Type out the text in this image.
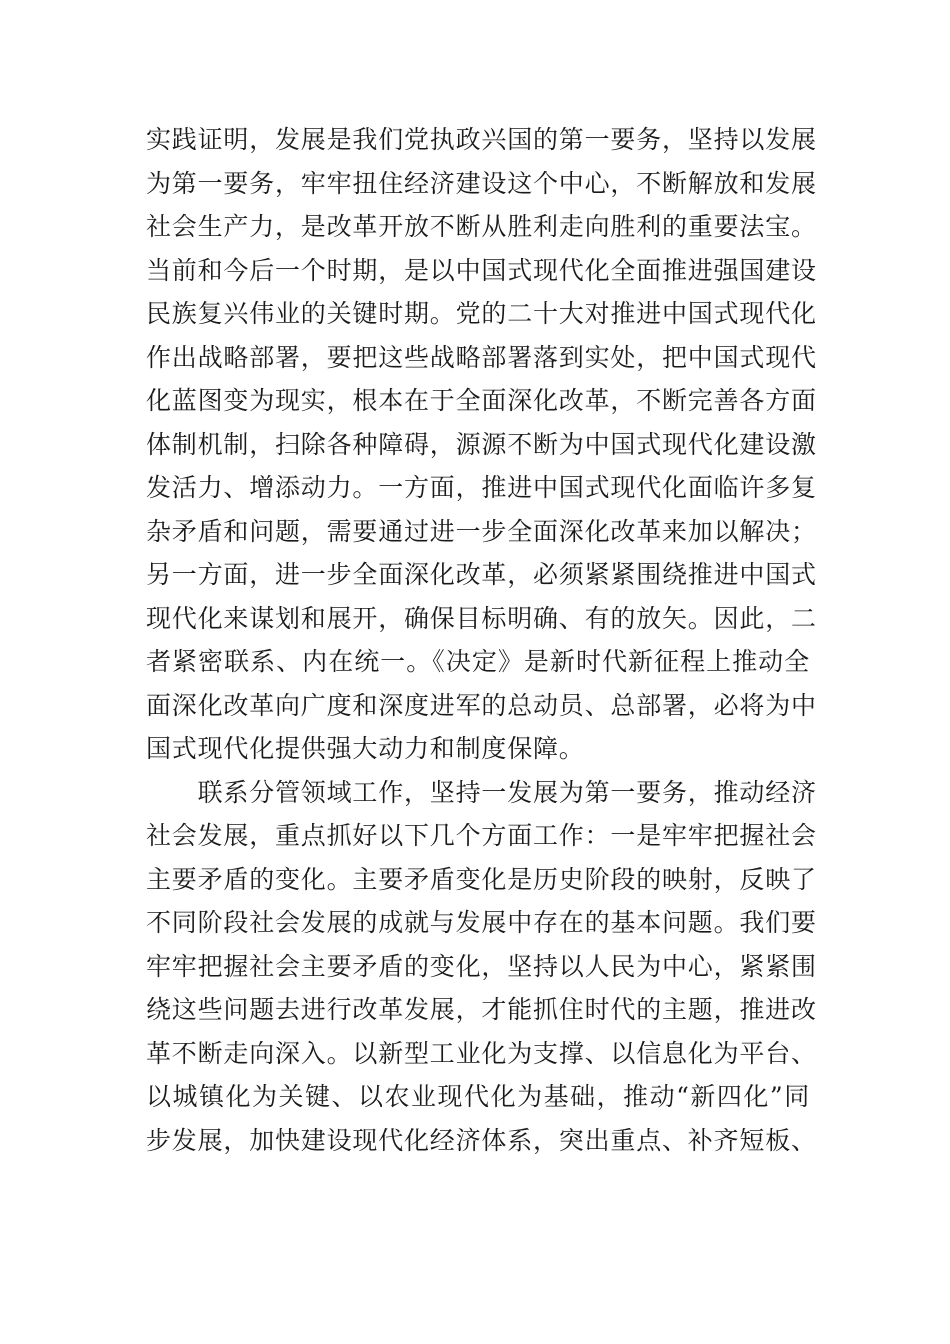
实践证明，发展是我们党执政兴国的第一要务，坚持以发展
为第一要务，牢牢扭住经济建设这个中心，不断解放和发展
社会生产力，是改革开放不断从胜利走向胜利的重要法宝。
当前和今后一个时期，是以中国式现代化全面推进强国建设
民族复兴伟业的关键时期。党的二十大对推进中国式现代化
作出战略部署，要把这些战略部署落到实处，把中国式现代
化蓝图变为现实，根本在于全面深化改革，不断完善各方面
体制机制，扫除各种障碍，源源不断为中国式现代化建设激
发活力、增添动力。一方面，推进中国式现代化面临许多复
杂矛盾和问题，需要通过进一步全面深化改革来加以解决；
另一方面，进一步全面深化改革，必须紧紧围绕推进中国式
现代化来谋划和展开，确保目标明确、有的放矢。因此，二
者紧密联系、内在统一。《决定》是新时代新征程上推动全
面深化改革向广度和深度进军的总动员、总部署，必将为中
国式现代化提供强大动力和制度保障。
　　联系分管领域工作，坚持一发展为第一要务，推动经济
社会发展，重点抓好以下几个方面工作：一是牢牢把握社会
主要矛盾的变化。主要矛盾变化是历史阶段的映射，反映了
不同阶段社会发展的成就与发展中存在的基本问题。我们要
牢牢把握社会主要矛盾的变化，坚持以人民为中心，紧紧围
绕这些问题去进行改革发展，才能抓住时代的主题，推进改
革不断走向深入。以新型工业化为支撑、以信息化为平台、
以城镇化为关键、以农业现代化为基础，推动“新四化”同
步发展，加快建设现代化经济体系，突出重点、补齐短板、
